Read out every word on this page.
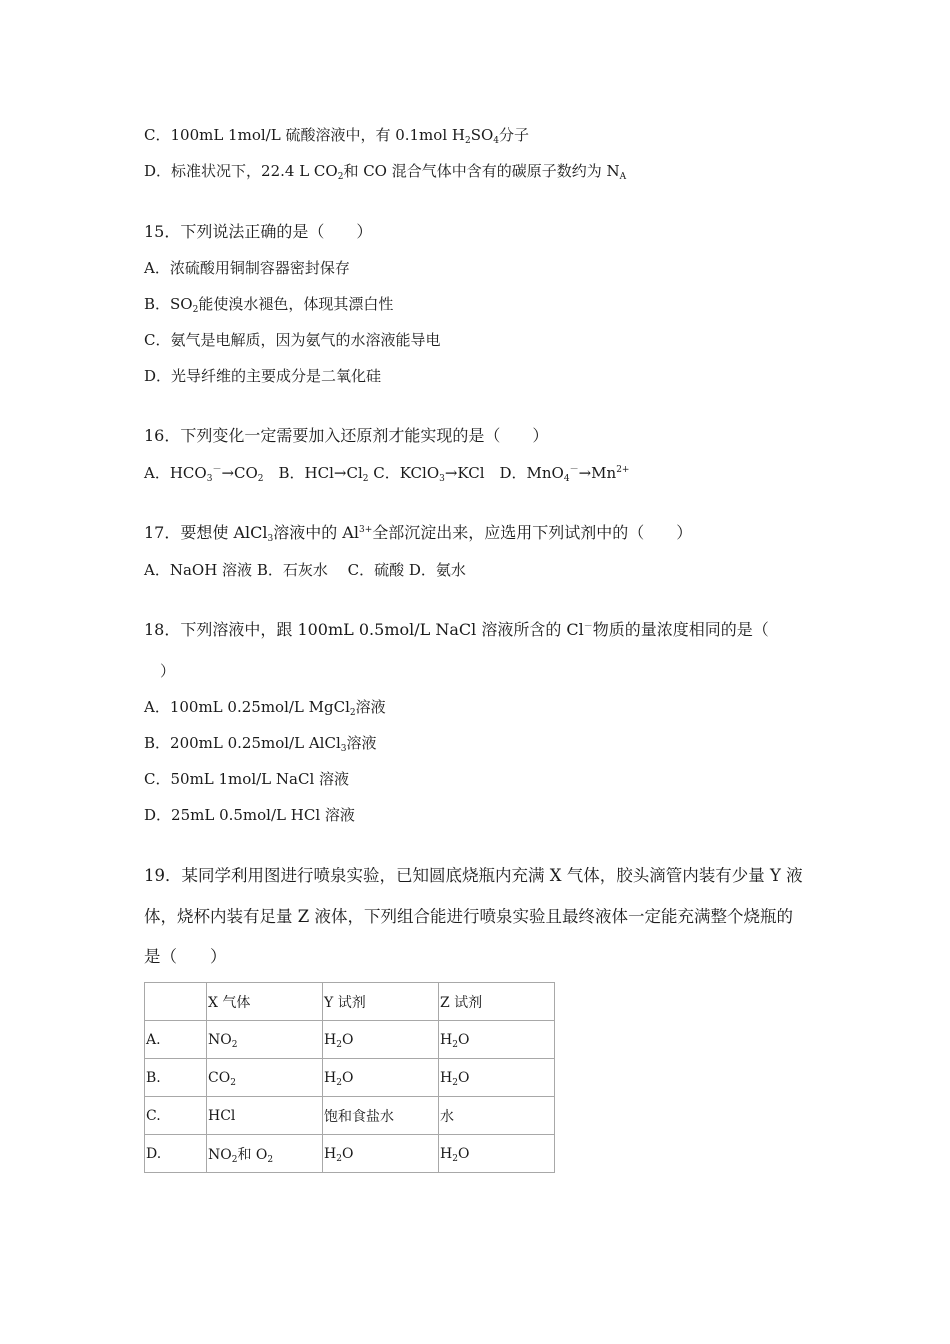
C．100mL 1mol/L 硫酸溶液中，有 0.1mol $H_2SO_4$分子
D．标准状况下，22.4 L $CO_2$和 CO 混合气体中含有的碳原子数约为 $N_A$
15．下列说法正确的是（　　）
A．浓硫酸用铜制容器密封保存
B．$SO_2$能使溴水褪色，体现其漂白性
C．氨气是电解质，因为氨气的水溶液能导电
D．光导纤维的主要成分是二氧化硅
16．下列变化一定需要加入还原剂才能实现的是（　　）
A．$HCO_3^-\to CO_2$　B．$HCl\to Cl_2$ C．KClO$_3$→KCl　D．$MnO_4^-\to Mn^{2+}$
17．要想使 AlCl$_3$溶液中的 $Al^{3+}$全部沉淀出来，应选用下列试剂中的（　　）
A．NaOH 溶液 B．石灰水　 C．硫酸 D．氨水
18．下列溶液中，跟 100mL 0.5mol/L NaCl 溶液所含的 Cl－物质的量浓度相同的是（
）
A．100mL 0.25mol/L MgCl$_2$溶液
B．200mL 0.25mol/L AlCl$_3$溶液
C．50mL 1mol/L NaCl 溶液
D．25mL 0.5mol/L HCl 溶液
19．某同学利用图进行喷泉实验，已知圆底烧瓶内充满 X 气体，胶头滴管内装有少量 Y 液
体，烧杯内装有足量 Z 液体，下列组合能进行喷泉实验且最终液体一定能充满整个烧瓶的
是（　　）
	X 气体	Y 试剂	Z 试剂
A.	$NO_2$	$H_2O$	$H_2O$
B.	$CO_2$	$H_2O$	$H_2O$
C.	HCl	饱和食盐水	水
D.	$NO_2$和 $O_2$	$H_2O$	$H_2O$
